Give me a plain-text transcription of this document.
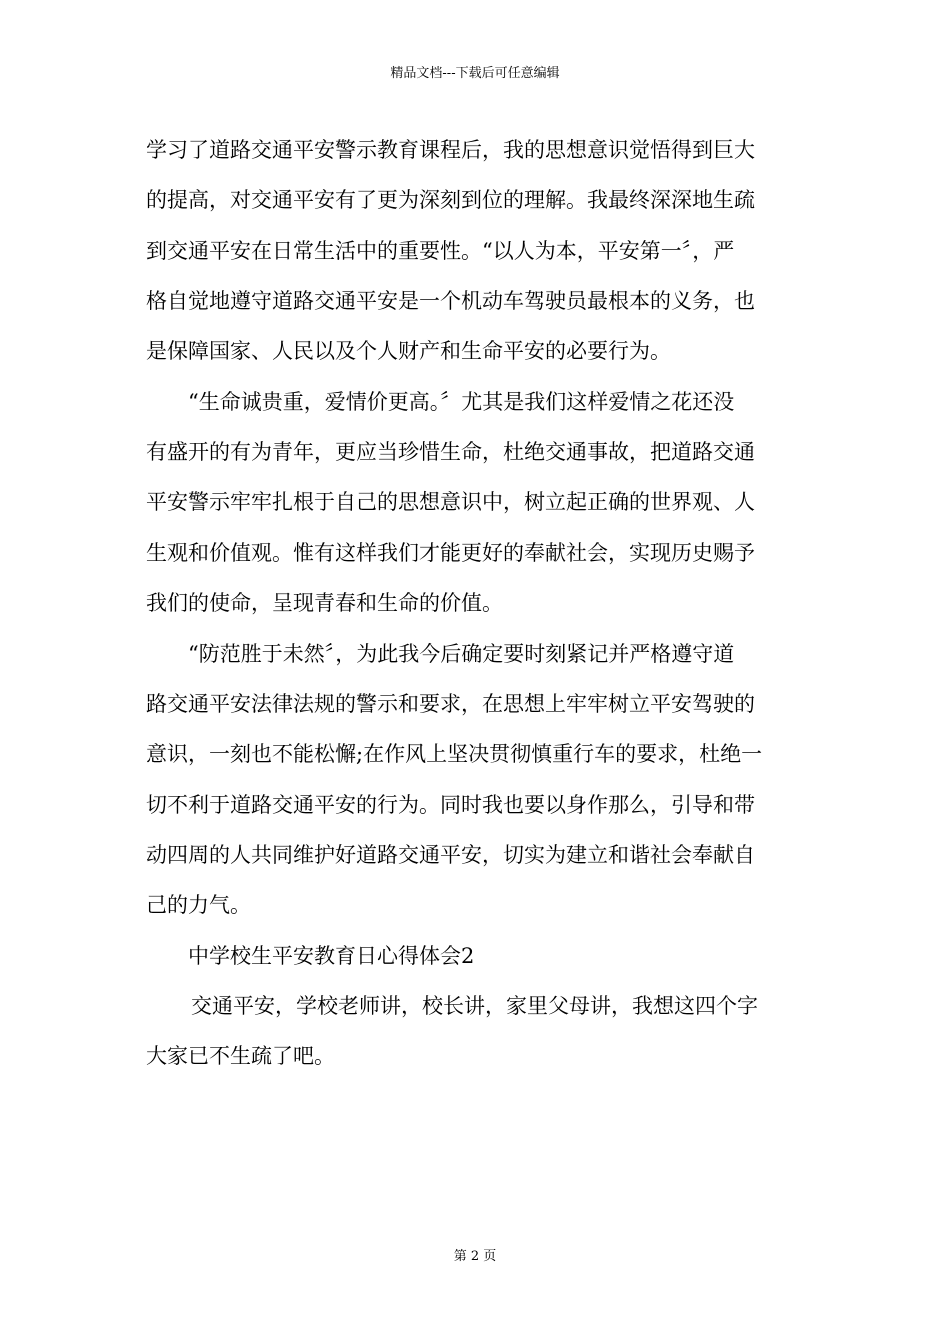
精品文档---下载后可任意编辑
学习了道路交通平安警示教育课程后，我的思想意识觉悟得到巨大
的提高，对交通平安有了更为深刻到位的理解。我最终深深地生疏
到交通平安在日常生活中的重要性。“以人为本，平安第一〞，严
格自觉地遵守道路交通平安是一个机动车驾驶员最根本的义务，也
是保障国家、人民以及个人财产和生命平安的必要行为。
“生命诚贵重，爱情价更高。〞尤其是我们这样爱情之花还没
有盛开的有为青年，更应当珍惜生命，杜绝交通事故，把道路交通
平安警示牢牢扎根于自己的思想意识中，树立起正确的世界观、人
生观和价值观。惟有这样我们才能更好的奉献社会，实现历史赐予
我们的使命，呈现青春和生命的价值。
“防范胜于未然〞，为此我今后确定要时刻紧记并严格遵守道
路交通平安法律法规的警示和要求，在思想上牢牢树立平安驾驶的
意识，一刻也不能松懈;在作风上坚决贯彻慎重行车的要求，杜绝一
切不利于道路交通平安的行为。同时我也要以身作那么，引导和带
动四周的人共同维护好道路交通平安，切实为建立和谐社会奉献自
己的力气。
中学校生平安教育日心得体会2
交通平安，学校老师讲，校长讲，家里父母讲，我想这四个字
大家已不生疏了吧。
第 2 页
